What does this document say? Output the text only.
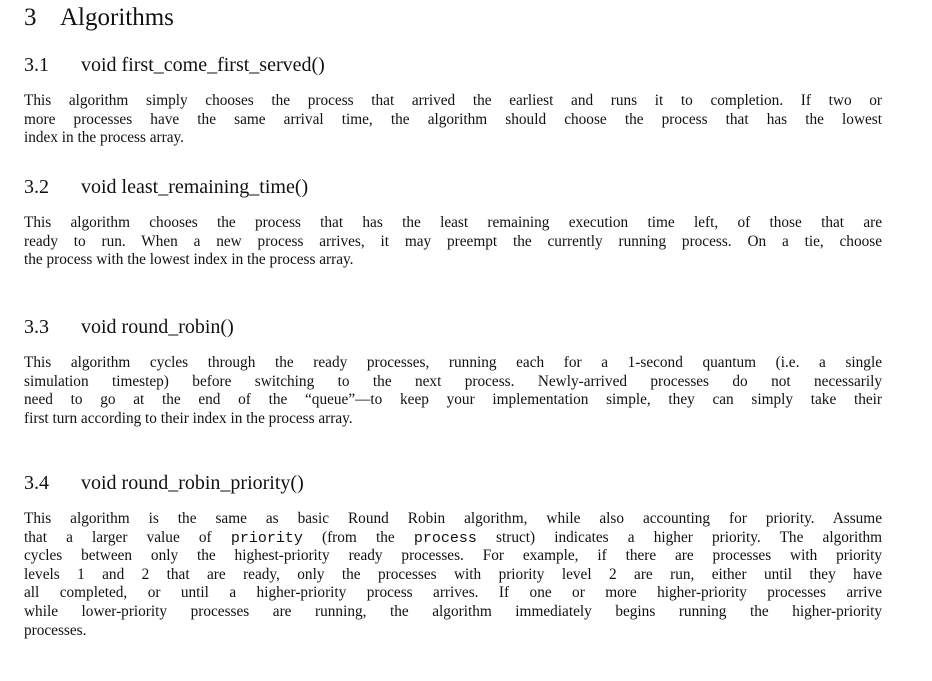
3 Algorithms
3.1 void first_come_first_served()
This algorithm simply chooses the process that arrived the earliest and runs it to completion. If two or
more processes have the same arrival time, the algorithm should choose the process that has the lowest
index in the process array.
3.2 void least_remaining_time()
This algorithm chooses the process that has the least remaining execution time left, of those that are
ready to run. When a new process arrives, it may preempt the currently running process. On a tie, choose
the process with the lowest index in the process array.
3.3 void round_robin()
This algorithm cycles through the ready processes, running each for a 1-second quantum (i.e. a single
simulation timestep) before switching to the next process. Newly-arrived processes do not necessarily
need to go at the end of the “queue”—to keep your implementation simple, they can simply take their
first turn according to their index in the process array.
3.4 void round_robin_priority()
This algorithm is the same as basic Round Robin algorithm, while also accounting for priority. Assume
that a larger value of priority (from the process struct) indicates a higher priority. The algorithm
cycles between only the highest-priority ready processes. For example, if there are processes with priority
levels 1 and 2 that are ready, only the processes with priority level 2 are run, either until they have
all completed, or until a higher-priority process arrives. If one or more higher-priority processes arrive
while lower-priority processes are running, the algorithm immediately begins running the higher-priority
processes.
